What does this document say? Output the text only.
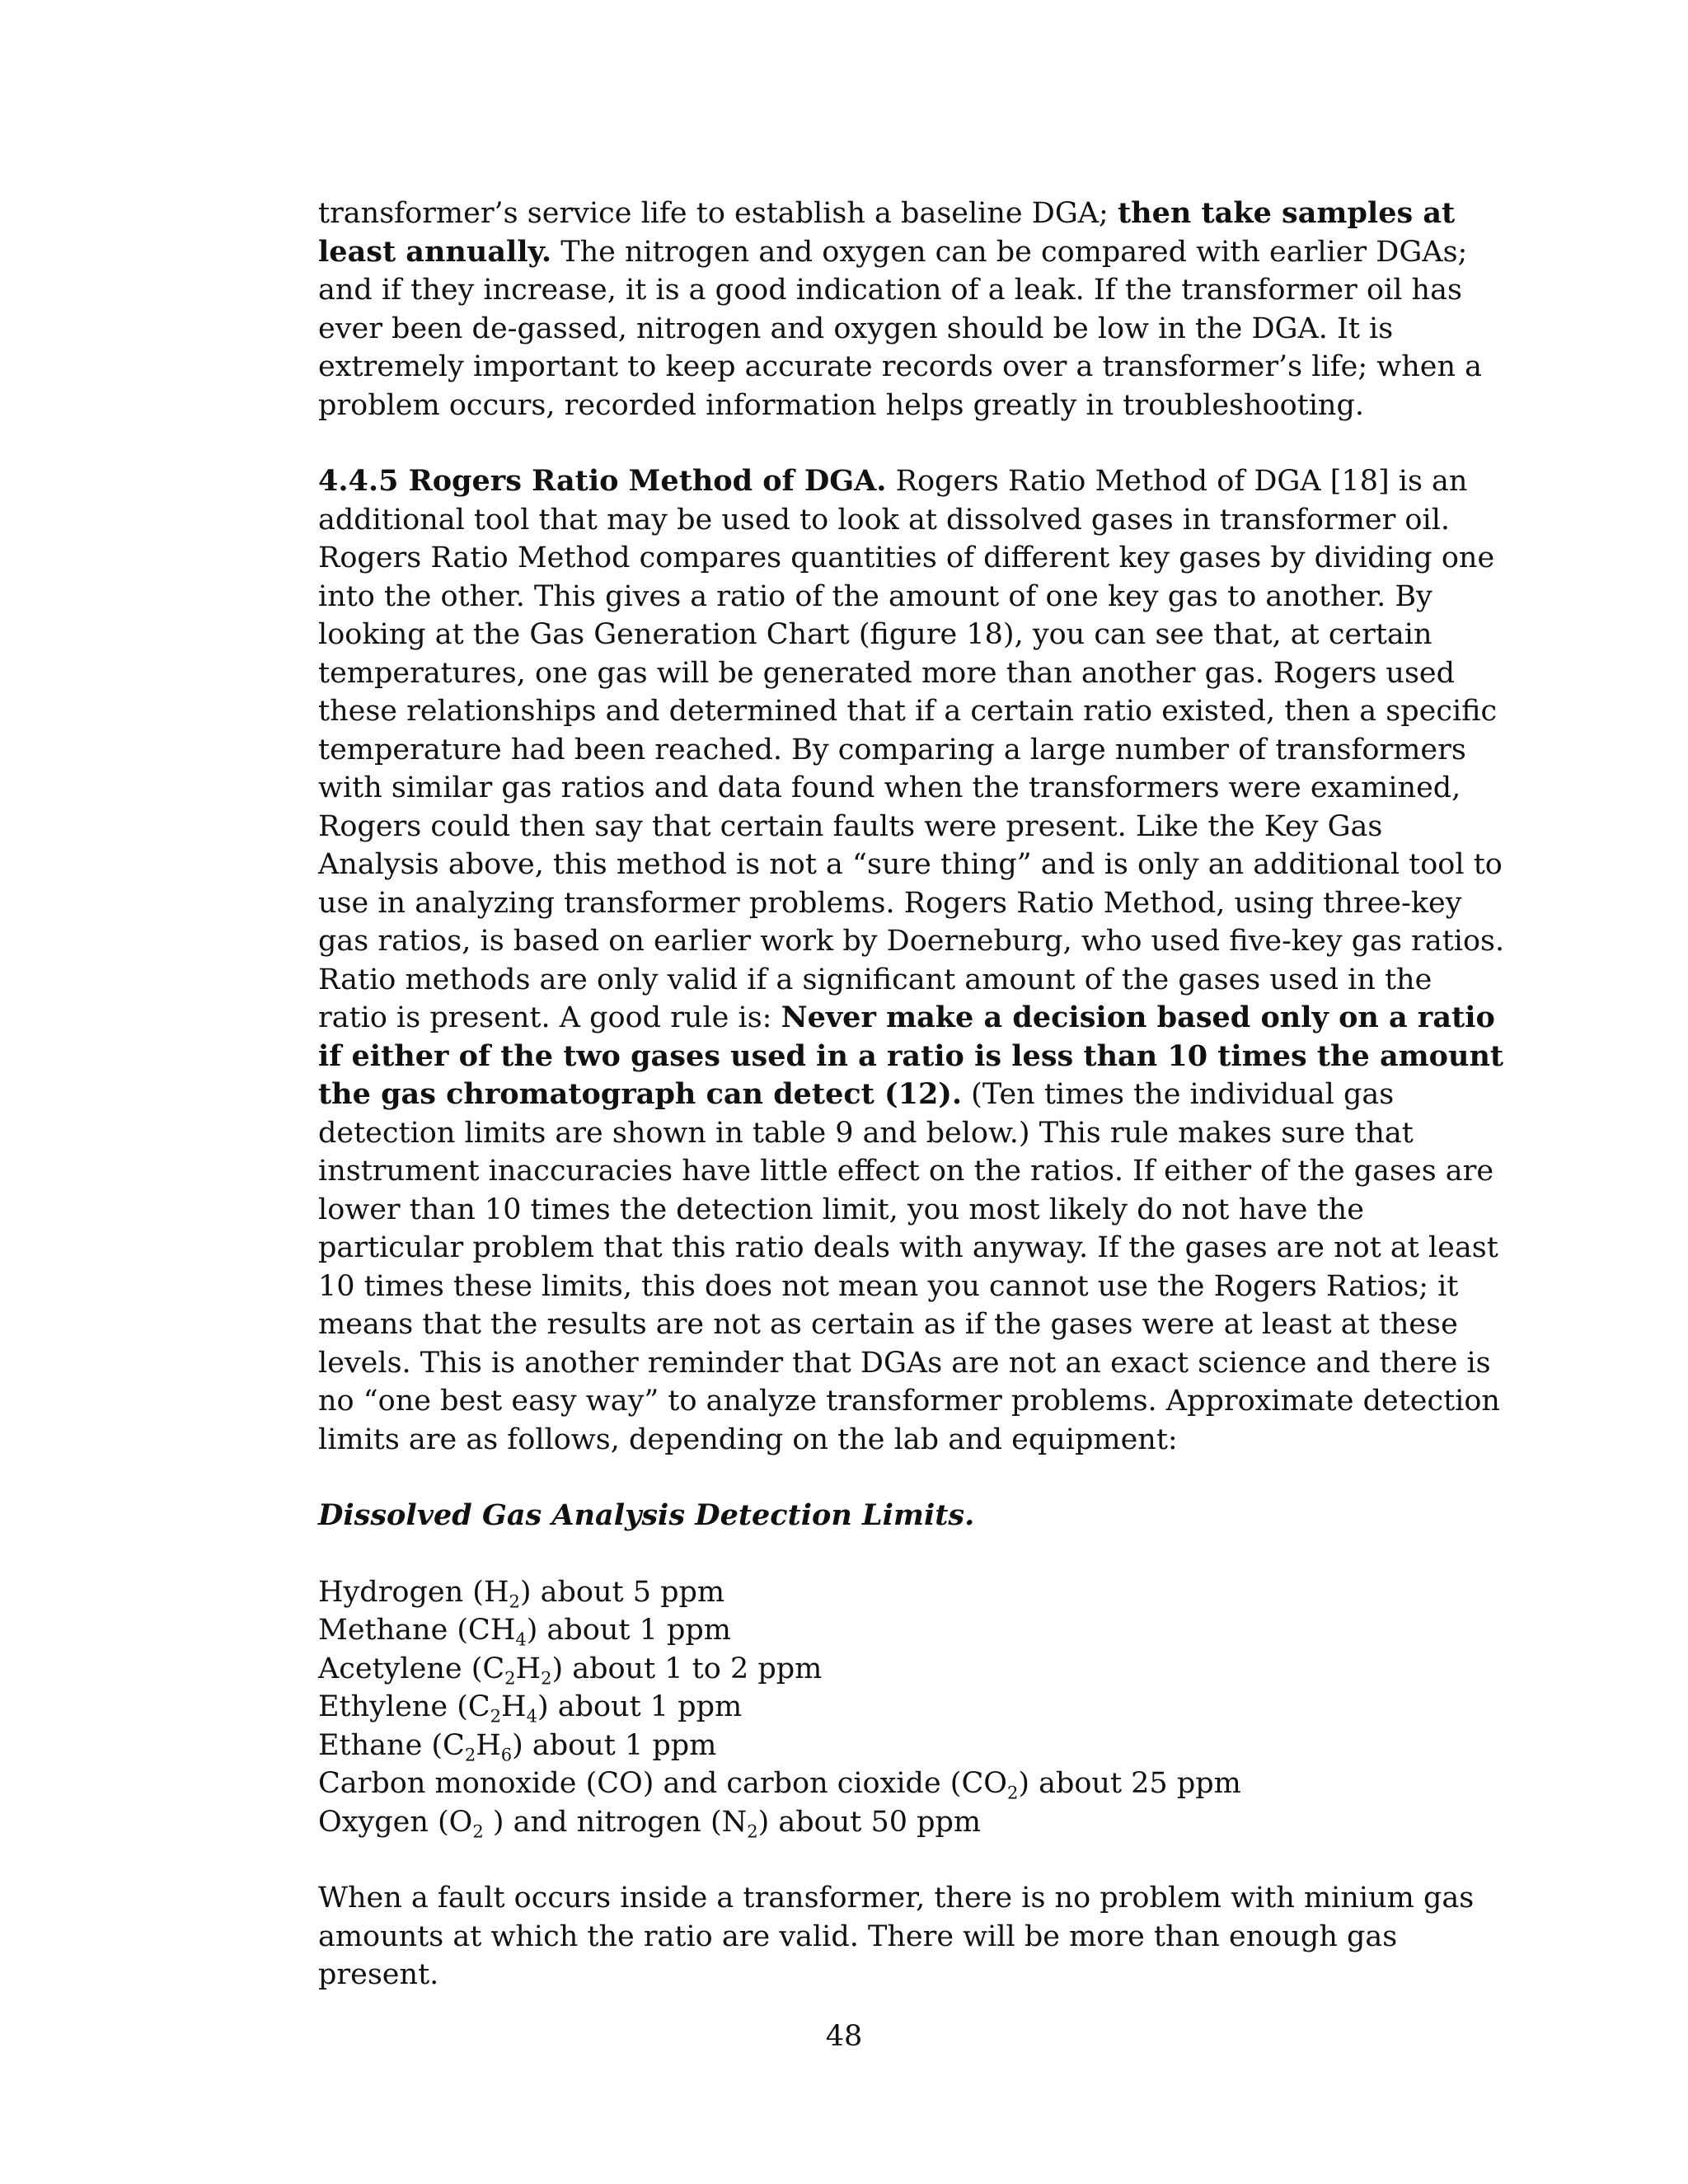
transformer’s service life to establish a baseline DGA; then take samples at least annually. The nitrogen and oxygen can be compared with earlier DGAs; and if they increase, it is a good indication of a leak. If the transformer oil has ever been de-gassed, nitrogen and oxygen should be low in the DGA. It is extremely important to keep accurate records over a transformer’s life; when a problem occurs, recorded information helps greatly in troubleshooting.

4.4.5 Rogers Ratio Method of DGA. Rogers Ratio Method of DGA [18] is an additional tool that may be used to look at dissolved gases in transformer oil. Rogers Ratio Method compares quantities of different key gases by dividing one into the other. This gives a ratio of the amount of one key gas to another. By looking at the Gas Generation Chart (figure 18), you can see that, at certain temperatures, one gas will be generated more than another gas. Rogers used these relationships and determined that if a certain ratio existed, then a specific temperature had been reached. By comparing a large number of transformers with similar gas ratios and data found when the transformers were examined, Rogers could then say that certain faults were present. Like the Key Gas Analysis above, this method is not a “sure thing” and is only an additional tool to use in analyzing transformer problems. Rogers Ratio Method, using three-key gas ratios, is based on earlier work by Doerneburg, who used five-key gas ratios. Ratio methods are only valid if a significant amount of the gases used in the ratio is present. A good rule is: Never make a decision based only on a ratio if either of the two gases used in a ratio is less than 10 times the amount the gas chromatograph can detect (12). (Ten times the individual gas detection limits are shown in table 9 and below.) This rule makes sure that instrument inaccuracies have little effect on the ratios. If either of the gases are lower than 10 times the detection limit, you most likely do not have the particular problem that this ratio deals with anyway. If the gases are not at least 10 times these limits, this does not mean you cannot use the Rogers Ratios; it means that the results are not as certain as if the gases were at least at these levels. This is another reminder that DGAs are not an exact science and there is no “one best easy way” to analyze transformer problems. Approximate detection limits are as follows, depending on the lab and equipment:

Dissolved Gas Analysis Detection Limits.

Hydrogen $(H_2)$ about 5 ppm
Methane $(CH_4)$ about 1 ppm
Acetylene $(C_2H_2)$ about 1 to 2 ppm
Ethylene $(C_2H_4)$ about 1 ppm
Ethane $(C_2H_6)$ about 1 ppm
Carbon monoxide (CO) and carbon cioxide $(CO_2)$ about 25 ppm
Oxygen ($O_2$ ) and nitrogen $(N_2)$ about 50 ppm

When a fault occurs inside a transformer, there is no problem with minium gas amounts at which the ratio are valid. There will be more than enough gas present.

48
